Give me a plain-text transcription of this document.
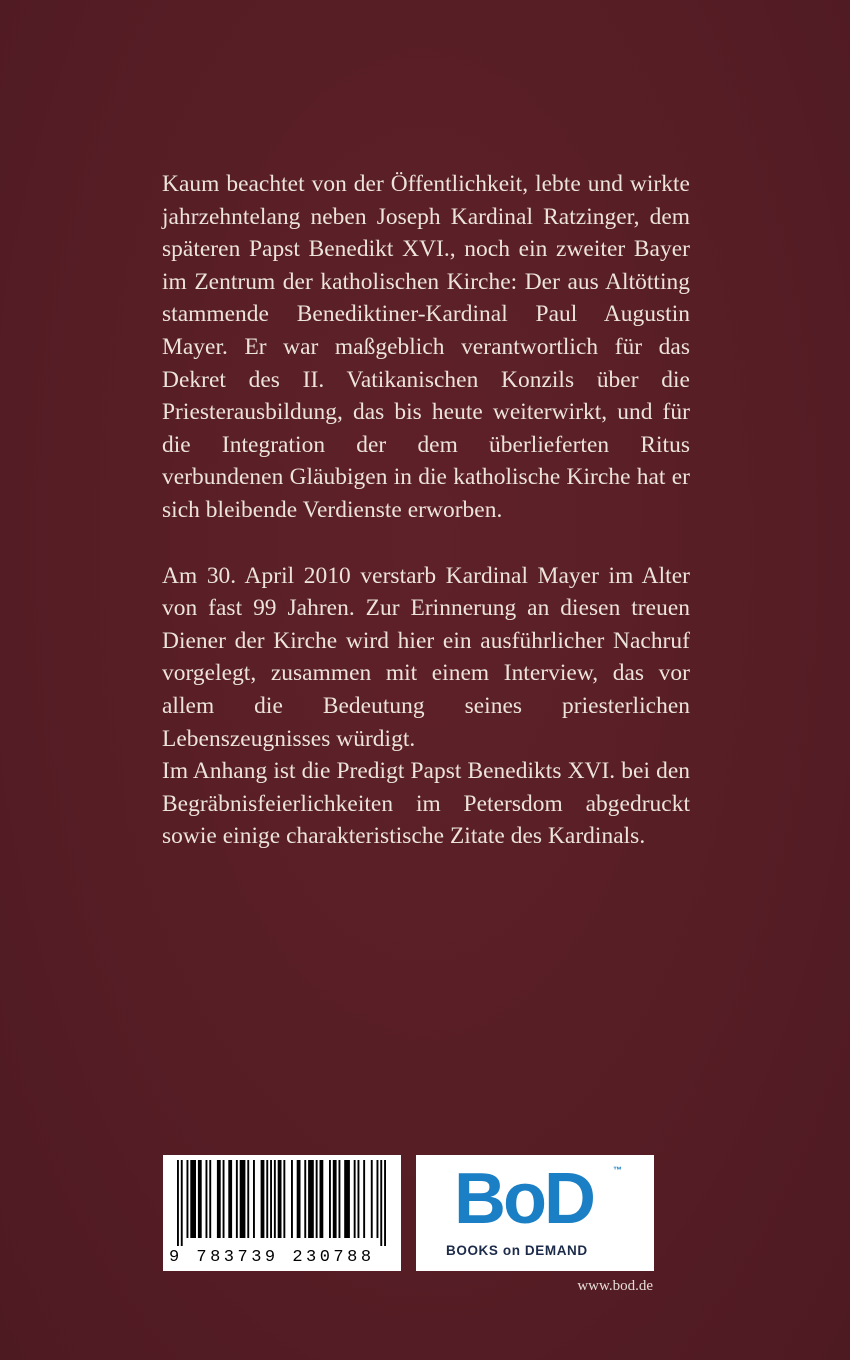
Kaum beachtet von der Öffentlichkeit, lebte und wirkte jahrzehntelang neben Joseph Kardinal Ratzinger, dem späteren Papst Benedikt XVI., noch ein zweiter Bayer im Zentrum der katholischen Kirche: Der aus Altötting stammende Benediktiner-Kardinal Paul Augustin Mayer. Er war maßgeblich verantwortlich für das Dekret des II. Vatikanischen Konzils über die Priesterausbildung, das bis heute weiterwirkt, und für die Integration der dem überlieferten Ritus verbundenen Gläubigen in die katholische Kirche hat er sich bleibende Verdienste erworben.

Am 30. April 2010 verstarb Kardinal Mayer im Alter von fast 99 Jahren. Zur Erinnerung an diesen treuen Diener der Kirche wird hier ein ausführlicher Nachruf vorgelegt, zusammen mit einem Interview, das vor allem die Bedeutung seines priesterlichen Lebenszeugnisses würdigt.

Im Anhang ist die Predigt Papst Benedikts XVI. bei den Begräbnisfeierlichkeiten im Petersdom abgedruckt sowie einige charakteristische Zitate des Kardinals.

9 783739 230788
BoD ™
BOOKS on DEMAND
www.bod.de
